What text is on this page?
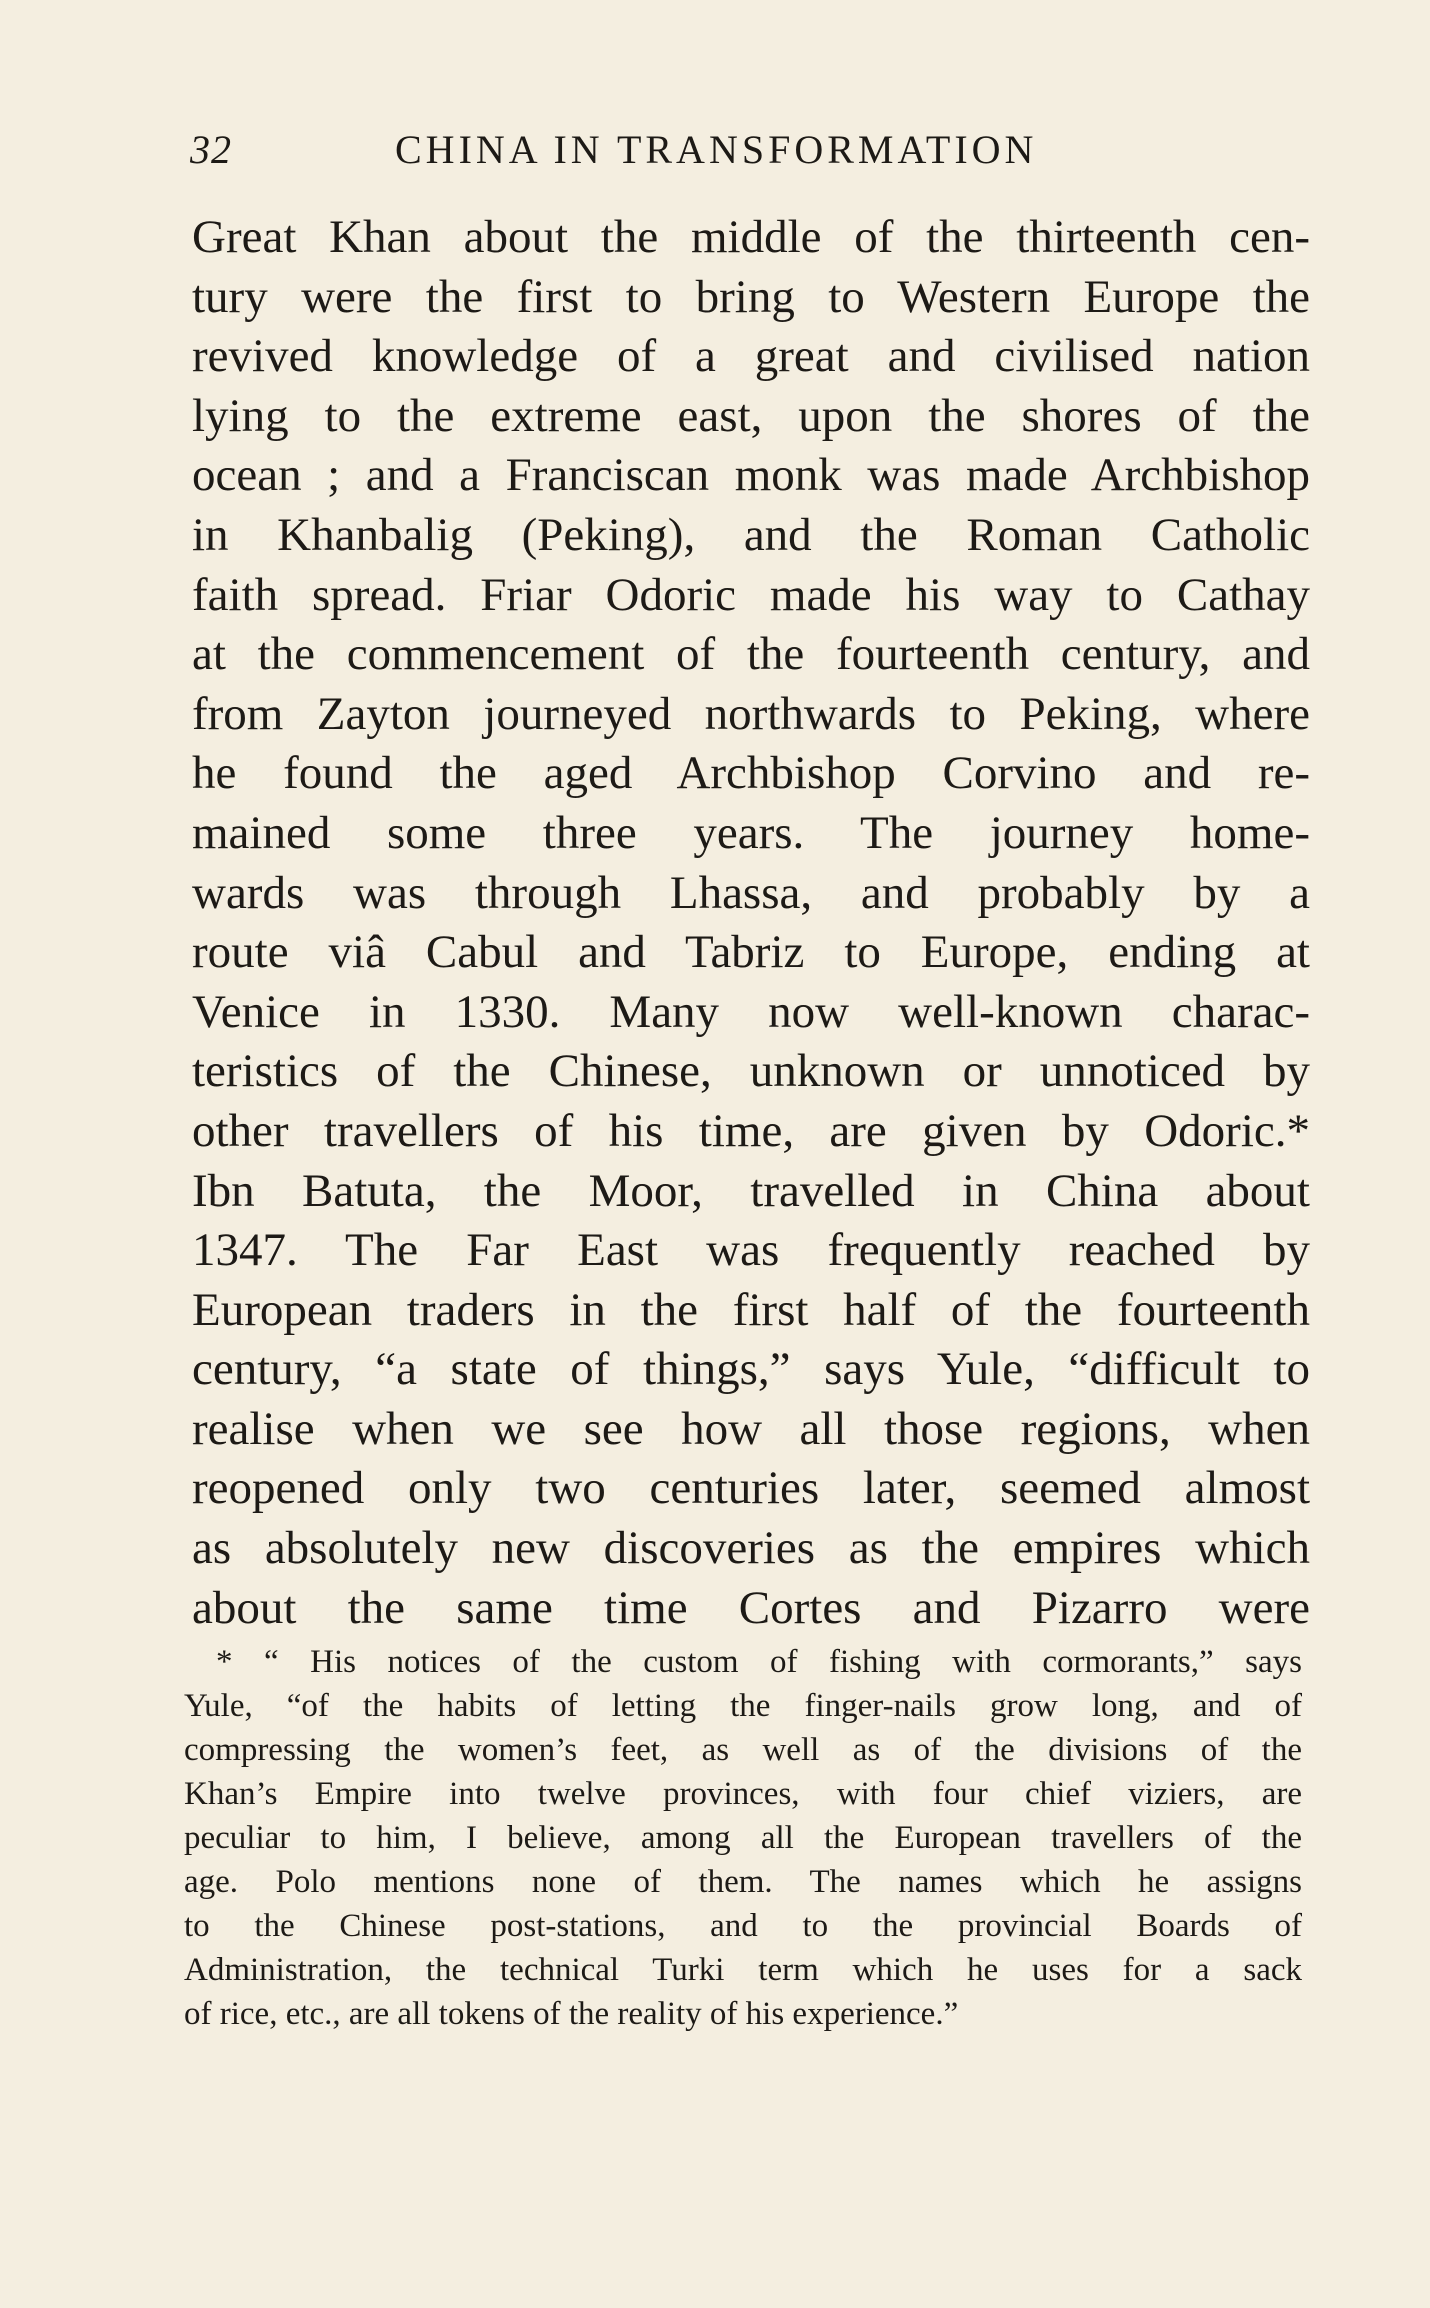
32	CHINA IN TRANSFORMATION
Great Khan about the middle of the thirteenth cen-
tury were the first to bring to Western Europe the
revived knowledge of a great and civilised nation
lying to the extreme east, upon the shores of the
ocean ; and a Franciscan monk was made Archbishop
in Khanbalig (Peking), and the Roman Catholic
faith spread. Friar Odoric made his way to Cathay
at the commencement of the fourteenth century, and
from Zayton journeyed northwards to Peking, where
he found the aged Archbishop Corvino and re-
mained some three years. The journey home-
wards was through Lhassa, and probably by a
route viâ Cabul and Tabriz to Europe, ending at
Venice in 1330. Many now well-known charac-
teristics of the Chinese, unknown or unnoticed by
other travellers of his time, are given by Odoric.*
Ibn Batuta, the Moor, travelled in China about
1347. The Far East was frequently reached by
European traders in the first half of the fourteenth
century, “a state of things,” says Yule, “difficult to
realise when we see how all those regions, when
reopened only two centuries later, seemed almost
as absolutely new discoveries as the empires which
about the same time Cortes and Pizarro were
* “ His notices of the custom of fishing with cormorants,” says
Yule, “of the habits of letting the finger-nails grow long, and of
compressing the women’s feet, as well as of the divisions of the
Khan’s Empire into twelve provinces, with four chief viziers, are
peculiar to him, I believe, among all the European travellers of the
age. Polo mentions none of them. The names which he assigns
to the Chinese post-stations, and to the provincial Boards of
Administration, the technical Turki term which he uses for a sack
of rice, etc., are all tokens of the reality of his experience.”
